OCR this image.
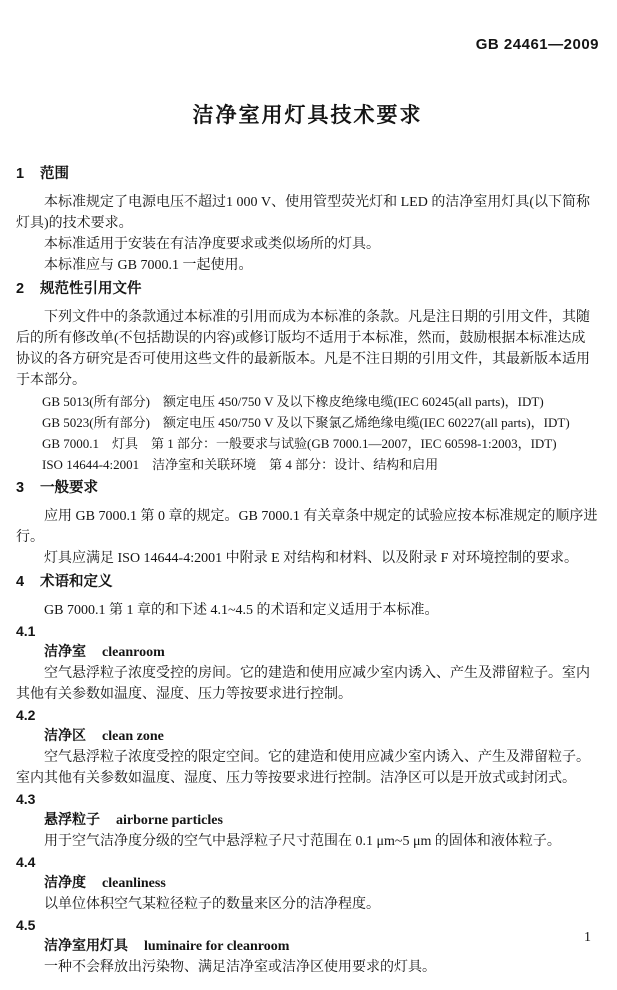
GB 24461—2009
洁净室用灯具技术要求
1 范围

本标准规定了电源电压不超过1 000 V、使用管型荧光灯和 LED 的洁净室用灯具(以下简称灯具)的技术要求。

本标准适用于安装在有洁净度要求或类似场所的灯具。

本标准应与 GB 7000.1 一起使用。

2 规范性引用文件

下列文件中的条款通过本标准的引用而成为本标准的条款。凡是注日期的引用文件，其随后的所有修改单(不包括勘误的内容)或修订版均不适用于本标准，然而，鼓励根据本标准达成协议的各方研究是否可使用这些文件的最新版本。凡是不注日期的引用文件，其最新版本适用于本部分。

GB 5013(所有部分)　额定电压 450/750 V 及以下橡皮绝缘电缆(IEC 60245(all parts)，IDT)

GB 5023(所有部分)　额定电压 450/750 V 及以下聚氯乙烯绝缘电缆(IEC 60227(all parts)，IDT)

GB 7000.1　灯具　第 1 部分：一般要求与试验(GB 7000.1—2007，IEC 60598-1:2003，IDT)

ISO 14644-4:2001　洁净室和关联环境　第 4 部分：设计、结构和启用

3 一般要求

应用 GB 7000.1 第 0 章的规定。GB 7000.1 有关章条中规定的试验应按本标准规定的顺序进行。

灯具应满足 ISO 14644-4:2001 中附录 E 对结构和材料、以及附录 F 对环境控制的要求。

4 术语和定义

GB 7000.1 第 1 章的和下述 4.1~4.5 的术语和定义适用于本标准。

4.1

洁净室 cleanroom

空气悬浮粒子浓度受控的房间。它的建造和使用应减少室内诱入、产生及滞留粒子。室内其他有关参数如温度、湿度、压力等按要求进行控制。

4.2

洁净区 clean zone

空气悬浮粒子浓度受控的限定空间。它的建造和使用应减少室内诱入、产生及滞留粒子。室内其他有关参数如温度、湿度、压力等按要求进行控制。洁净区可以是开放式或封闭式。

4.3

悬浮粒子 airborne particles

用于空气洁净度分级的空气中悬浮粒子尺寸范围在 0.1 μm~5 μm 的固体和液体粒子。

4.4

洁净度 cleanliness

以单位体积空气某粒径粒子的数量来区分的洁净程度。

4.5

洁净室用灯具 luminaire for cleanroom

一种不会释放出污染物、满足洁净室或洁净区使用要求的灯具。

1
